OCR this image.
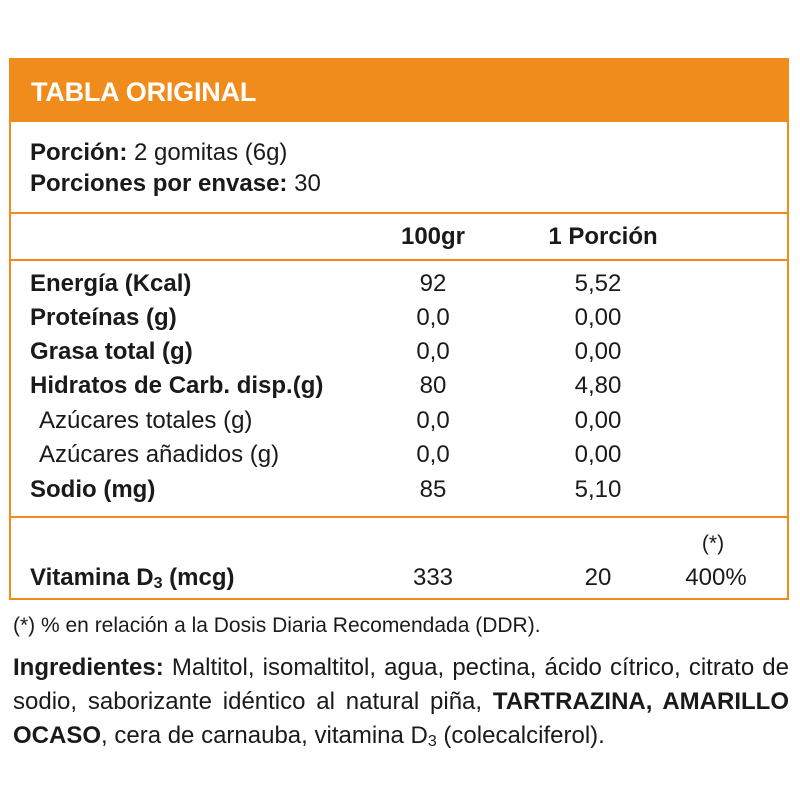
TABLA ORIGINAL
Porción: 2 gomitas (6g)
Porciones por envase: 30
100gr	1 Porción
Energía (Kcal)	92	5,52
Proteínas (g)	0,0	0,00
Grasa total (g)	0,0	0,00
Hidratos de Carb. disp.(g)	80	4,80
Azúcares totales (g)	0,0	0,00
Azúcares añadidos (g)	0,0	0,00
Sodio (mg)	85	5,10
(*)
Vitamina $D_3$ (mcg)	333	20	400%
(*) % en relación a la Dosis Diaria Recomendada (DDR).
Ingredientes: Maltitol, isomaltitol, agua, pectina, ácido cítrico, citrato de sodio, saborizante idéntico al natural piña, TARTRAZINA, AMARILLO OCASO, cera de carnauba, vitamina $D_3$ (colecalciferol).
